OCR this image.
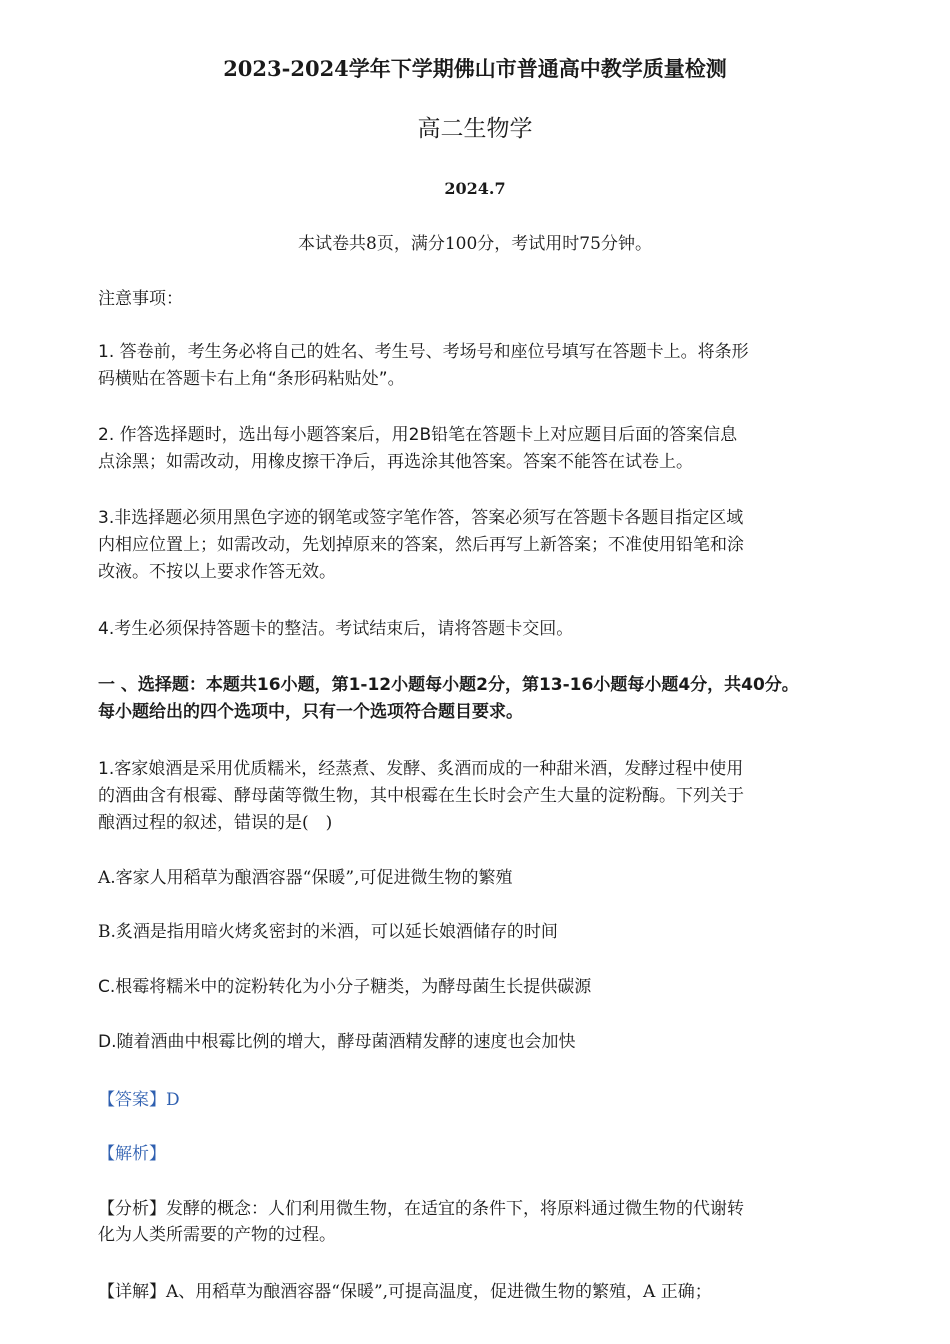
2023-2024学年下学期佛山市普通高中教学质量检测
高二生物学
2024.7
本试卷共8页，满分100分，考试用时75分钟。
注意事项：
1. 答卷前，考生务必将自己的姓名、考生号、考场号和座位号填写在答题卡上。将条形
码横贴在答题卡右上角“条形码粘贴处”。
2. 作答选择题时，选出每小题答案后，用2B铅笔在答题卡上对应题目后面的答案信息
点涂黑；如需改动，用橡皮擦干净后，再选涂其他答案。答案不能答在试卷上。
3.非选择题必须用黑色字迹的钢笔或签字笔作答，答案必须写在答题卡各题目指定区域
内相应位置上；如需改动，先划掉原来的答案，然后再写上新答案；不准使用铅笔和涂
改液。不按以上要求作答无效。
4.考生必须保持答题卡的整洁。考试结束后，请将答题卡交回。
一 、选择题：本题共16小题，第1-12小题每小题2分，第13-16小题每小题4分，共40分。
每小题给出的四个选项中，只有一个选项符合题目要求。
1.客家娘酒是采用优质糯米，经蒸煮、发酵、炙酒而成的一种甜米酒，发酵过程中使用
的酒曲含有根霉、酵母菌等微生物，其中根霉在生长时会产生大量的淀粉酶。下列关于
酿酒过程的叙述，错误的是(　)
A.客家人用稻草为酿酒容器“保暖”,可促进微生物的繁殖
B.炙酒是指用暗火烤炙密封的米酒，可以延长娘酒储存的时间
C.根霉将糯米中的淀粉转化为小分子糖类，为酵母菌生长提供碳源
D.随着酒曲中根霉比例的增大，酵母菌酒精发酵的速度也会加快
【答案】D
【解析】
【分析】发酵的概念：人们利用微生物，在适宜的条件下，将原料通过微生物的代谢转
化为人类所需要的产物的过程。
【详解】A、用稻草为酿酒容器“保暖”,可提高温度，促进微生物的繁殖，A 正确；
